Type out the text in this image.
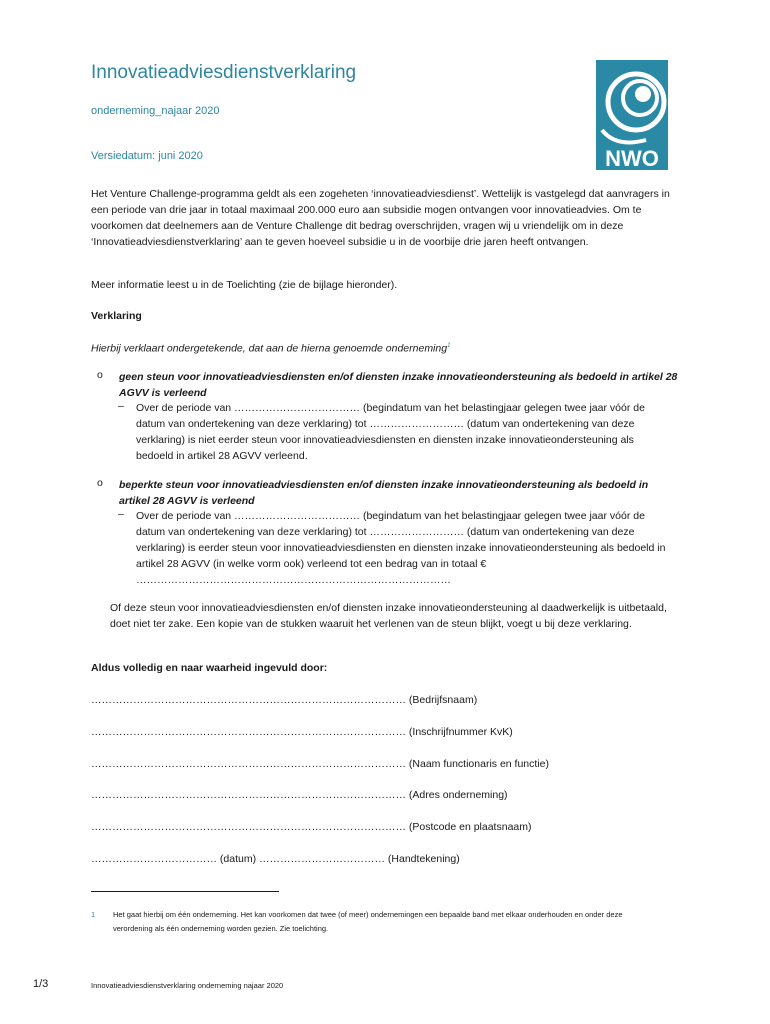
Innovatieadviesdienstverklaring
onderneming_najaar 2020
Versiedatum: juni 2020	NWO
Het Venture Challenge-programma geldt als een zogeheten ‘innovatieadviesdienst’. Wettelijk is vastgelegd dat aanvragers in een periode van drie jaar in totaal maximaal 200.000 euro aan subsidie mogen ontvangen voor innovatieadvies. Om te voorkomen dat deelnemers aan de Venture Challenge dit bedrag overschrijden, vragen wij u vriendelijk om in deze ‘Innovatieadviesdienstverklaring’ aan te geven hoeveel subsidie u in de voorbije drie jaren heeft ontvangen.
Meer informatie leest u in de Toelichting (zie de bijlage hieronder).
Verklaring
Hierbij verklaart ondergetekende, dat aan de hierna genoemde onderneming$^1$
o geen steun voor innovatieadviesdiensten en/of diensten inzake innovatieondersteuning als bedoeld in artikel 28 AGVV is verleend
– Over de periode van ……………………………… (begindatum van het belastingjaar gelegen twee jaar vóór de datum van ondertekening van deze verklaring) tot ……………………… (datum van ondertekening van deze verklaring) is niet eerder steun voor innovatieadviesdiensten en diensten inzake innovatieondersteuning als bedoeld in artikel 28 AGVV verleend.
o beperkte steun voor innovatieadviesdiensten en/of diensten inzake innovatieondersteuning als bedoeld in artikel 28 AGVV is verleend
– Over de periode van ……………………………… (begindatum van het belastingjaar gelegen twee jaar vóór de datum van ondertekening van deze verklaring) tot ……………………… (datum van ondertekening van deze verklaring) is eerder steun voor innovatieadviesdiensten en diensten inzake innovatieondersteuning als bedoeld in artikel 28 AGVV (in welke vorm ook) verleend tot een bedrag van in totaal € ………………………………………………………………………………
Of deze steun voor innovatieadviesdiensten en/of diensten inzake innovatieondersteuning al daadwerkelijk is uitbetaald, doet niet ter zake. Een kopie van de stukken waaruit het verlenen van de steun blijkt, voegt u bij deze verklaring.
Aldus volledig en naar waarheid ingevuld door:
……………………………………………………………………………… (Bedrijfsnaam)
……………………………………………………………………………… (Inschrijfnummer KvK)
……………………………………………………………………………… (Naam functionaris en functie)
……………………………………………………………………………… (Adres onderneming)
……………………………………………………………………………… (Postcode en plaatsnaam)
……………………………… (datum) ……………………………… (Handtekening)
1 Het gaat hierbij om één onderneming. Het kan voorkomen dat twee (of meer) ondernemingen een bepaalde band met elkaar onderhouden en onder deze verordening als één onderneming worden gezien. Zie toelichting.
1/3	Innovatieadviesdienstverklaring onderneming najaar 2020
